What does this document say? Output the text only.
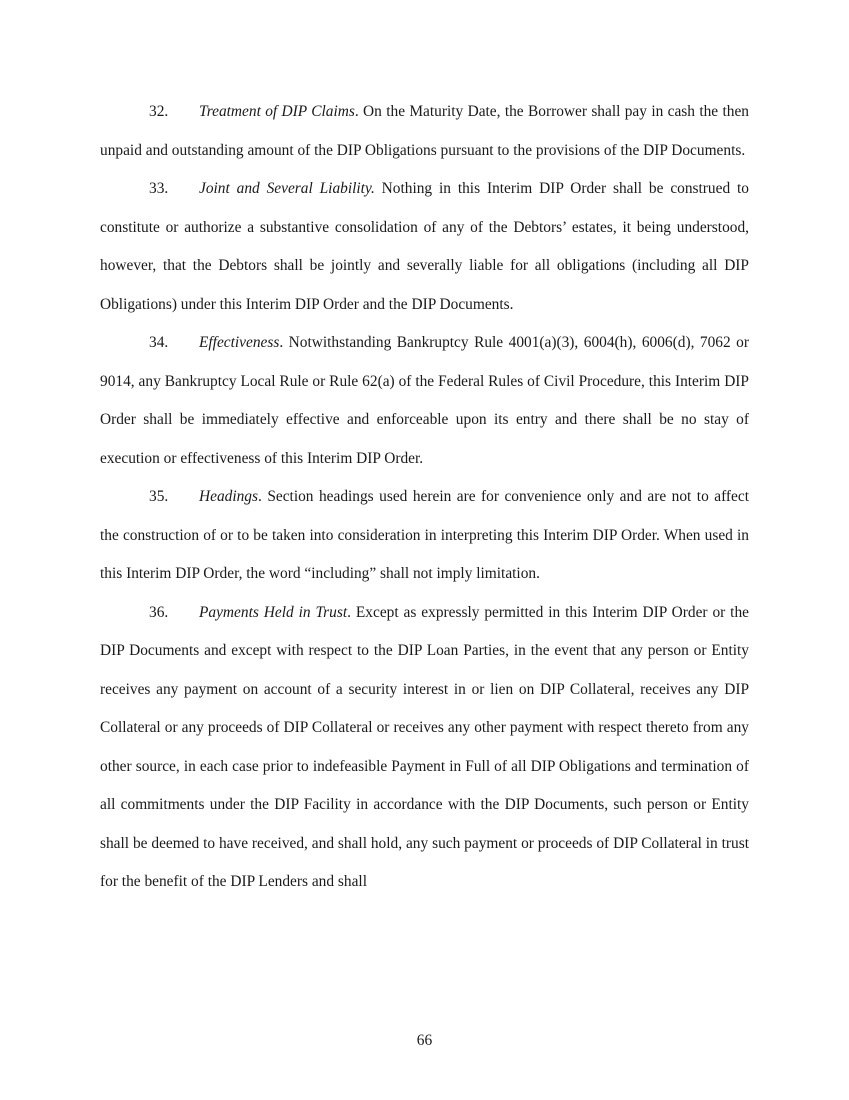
32. Treatment of DIP Claims. On the Maturity Date, the Borrower shall pay in cash the then unpaid and outstanding amount of the DIP Obligations pursuant to the provisions of the DIP Documents.

33. Joint and Several Liability. Nothing in this Interim DIP Order shall be construed to constitute or authorize a substantive consolidation of any of the Debtors’ estates, it being understood, however, that the Debtors shall be jointly and severally liable for all obligations (including all DIP Obligations) under this Interim DIP Order and the DIP Documents.

34. Effectiveness. Notwithstanding Bankruptcy Rule 4001(a)(3), 6004(h), 6006(d), 7062 or 9014, any Bankruptcy Local Rule or Rule 62(a) of the Federal Rules of Civil Procedure, this Interim DIP Order shall be immediately effective and enforceable upon its entry and there shall be no stay of execution or effectiveness of this Interim DIP Order.

35. Headings. Section headings used herein are for convenience only and are not to affect the construction of or to be taken into consideration in interpreting this Interim DIP Order. When used in this Interim DIP Order, the word “including” shall not imply limitation.

36. Payments Held in Trust. Except as expressly permitted in this Interim DIP Order or the DIP Documents and except with respect to the DIP Loan Parties, in the event that any person or Entity receives any payment on account of a security interest in or lien on DIP Collateral, receives any DIP Collateral or any proceeds of DIP Collateral or receives any other payment with respect thereto from any other source, in each case prior to indefeasible Payment in Full of all DIP Obligations and termination of all commitments under the DIP Facility in accordance with the DIP Documents, such person or Entity shall be deemed to have received, and shall hold, any such payment or proceeds of DIP Collateral in trust for the benefit of the DIP Lenders and shall

66
